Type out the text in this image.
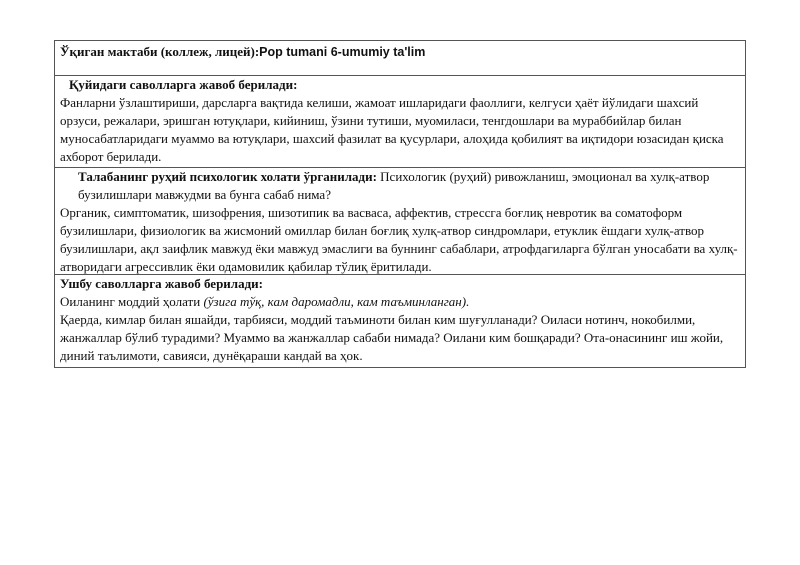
Ўқиган мактаби (коллеж, лицей):Pop tumani 6-umumiy ta'lim
Қуйидаги саволларга жавоб берилади:

Фанларни ўзлаштириши, дарсларга вақтида келиши, жамоат ишларидаги фаоллиги, келгуси ҳаёт йўлидаги шахсий орзуси, режалари, эришган ютуқлари, кийиниш, ўзини тутиши, муомиласи, тенгдошлари ва мураббийлар билан муносабатларидаги муаммо ва ютуқлари, шахсий фазилат ва қусурлари, алоҳида қобилият ва иқтидори юзасидан қиска ахборот берилади.

Талабанинг руҳий психологик холати ўрганилади: Психологик (руҳий) ривожланиш, эмоционал ва хулқ-атвор бузилишлари мавжудми ва бунга сабаб нима?

Органик, симптоматик, шизофрения, шизотипик ва васваса, аффектив, стрессга боғлиқ невротик ва соматоформ бузилишлари, физиологик ва жисмоний омиллар билан боғлиқ хулқ-атвор синдромлари, етуклик ёшдаги хулқ-атвор бузилишлари, ақл заифлик мавжуд ёки мавжуд эмаслиги ва буннинг сабаблари, атрофдагиларга бўлган уносабати ва хулқ-атворидаги агрессивлик ёки одамовилик қабилар тўлиқ ёритилади.

Ушбу саволларга жавоб берилади:

Оиланинг моддий ҳолати (ўзига тўқ, кам даромадли, кам таъминланган).

Қаерда, кимлар билан яшайди, тарбияси, моддий таъминоти билан ким шуғулланади? Оиласи нотинч, нокобилми, жанжаллар бўлиб турадими? Муаммо ва жанжаллар сабаби нимада? Оилани ким бошқаради? Ота-онасининг иш жойи, диний таълимоти, савияси, дунёқараши кандай ва ҳок.
